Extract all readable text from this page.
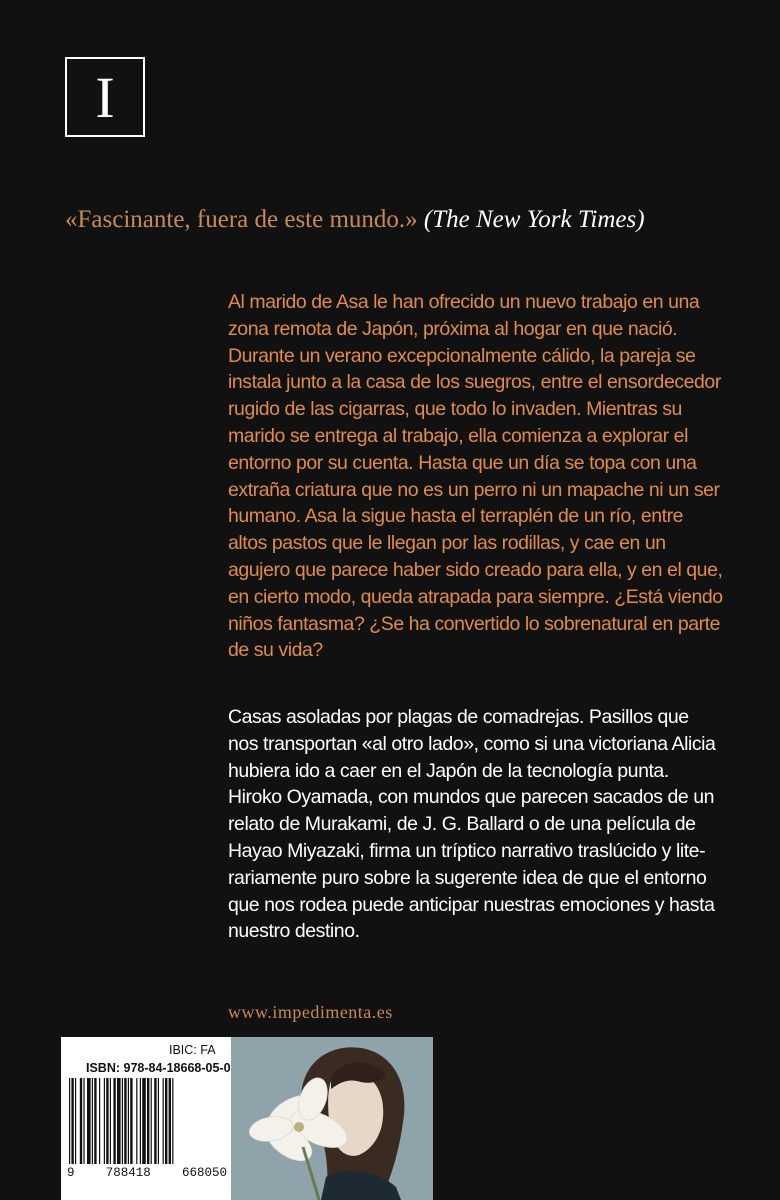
I
«Fascinante, fuera de este mundo.» (The New York Times)

Al marido de Asa le han ofrecido un nuevo trabajo en una zona remota de Japón, próxima al hogar en que nació. Durante un verano excepcionalmente cálido, la pareja se instala junto a la casa de los suegros, entre el ensordecedor rugido de las cigarras, que todo lo invaden. Mientras su marido se entrega al trabajo, ella comienza a explorar el entorno por su cuenta. Hasta que un día se topa con una extraña criatura que no es un perro ni un mapache ni un ser humano. Asa la sigue hasta el terraplén de un río, entre altos pastos que le llegan por las rodillas, y cae en un agujero que parece haber sido creado para ella, y en el que, en cierto modo, queda atrapada para siempre. ¿Está viendo niños fantasma? ¿Se ha convertido lo sobrenatural en parte de su vida?

Casas asoladas por plagas de comadrejas. Pasillos que nos transportan «al otro lado», como si una victoriana Alicia hubiera ido a caer en el Japón de la tecnología punta. Hiroko Oyamada, con mundos que parecen sacados de un relato de Murakami, de J. G. Ballard o de una película de Hayao Miyazaki, firma un tríptico narrativo traslúcido y literariamente puro sobre la sugerente idea de que el entorno que nos rodea puede anticipar nuestras emociones y hasta nuestro destino.

www.impedimenta.es
IBIC: FA
ISBN: 978-84-18668-05-0
9 788418 668050
